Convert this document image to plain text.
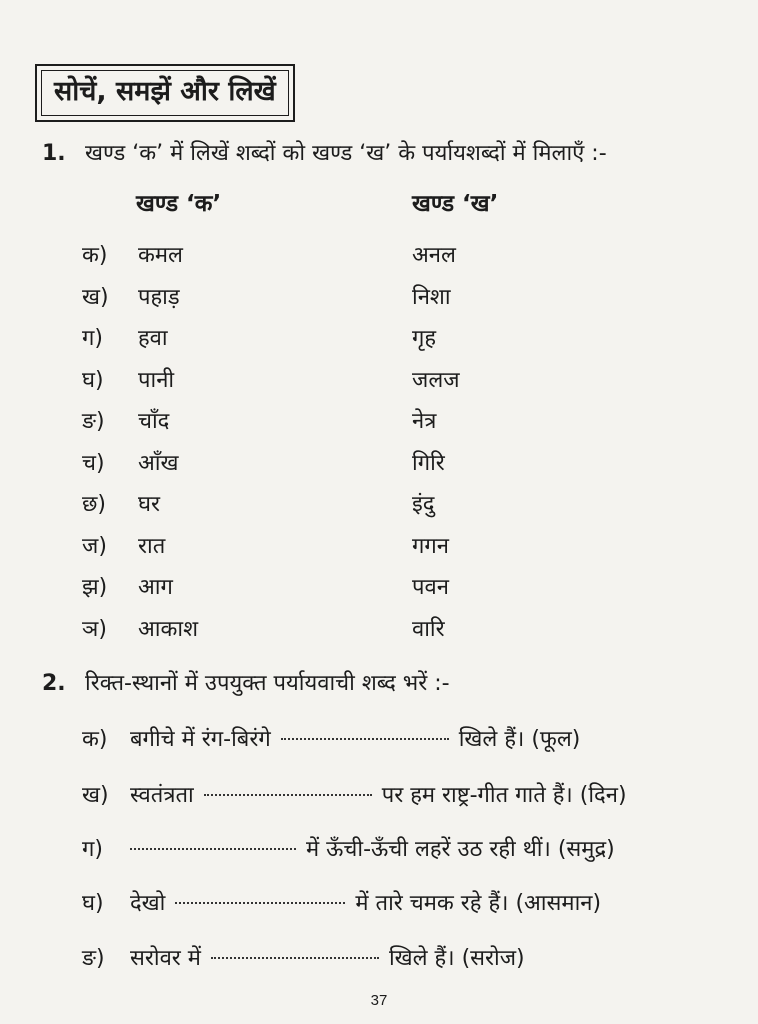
सोचें, समझें और लिखें
1. खण्ड ‘क’ में लिखें शब्दों को खण्ड ‘ख’ के पर्यायशब्दों में मिलाएँ :-
खण्ड ‘क’	खण्ड ‘ख’
क) कमल	अनल
ख) पहाड़	निशा
ग) हवा	गृह
घ) पानी	जलज
ङ) चाँद	नेत्र
च) आँख	गिरि
छ) घर	इंदु
ज) रात	गगन
झ) आग	पवन
ञ) आकाश	वारि
2. रिक्त-स्थानों में उपयुक्त पर्यायवाची शब्द भरें :-
क) बगीचे में रंग-बिरंगे	खिले हैं। (फूल)
ख) स्वतंत्रता	पर हम राष्ट्र-गीत गाते हैं। (दिन)
ग)	में ऊँची-ऊँची लहरें उठ रही थीं। (समुद्र)
घ) देखो	में तारे चमक रहे हैं। (आसमान)
ङ) सरोवर में	खिले हैं। (सरोज)
37
